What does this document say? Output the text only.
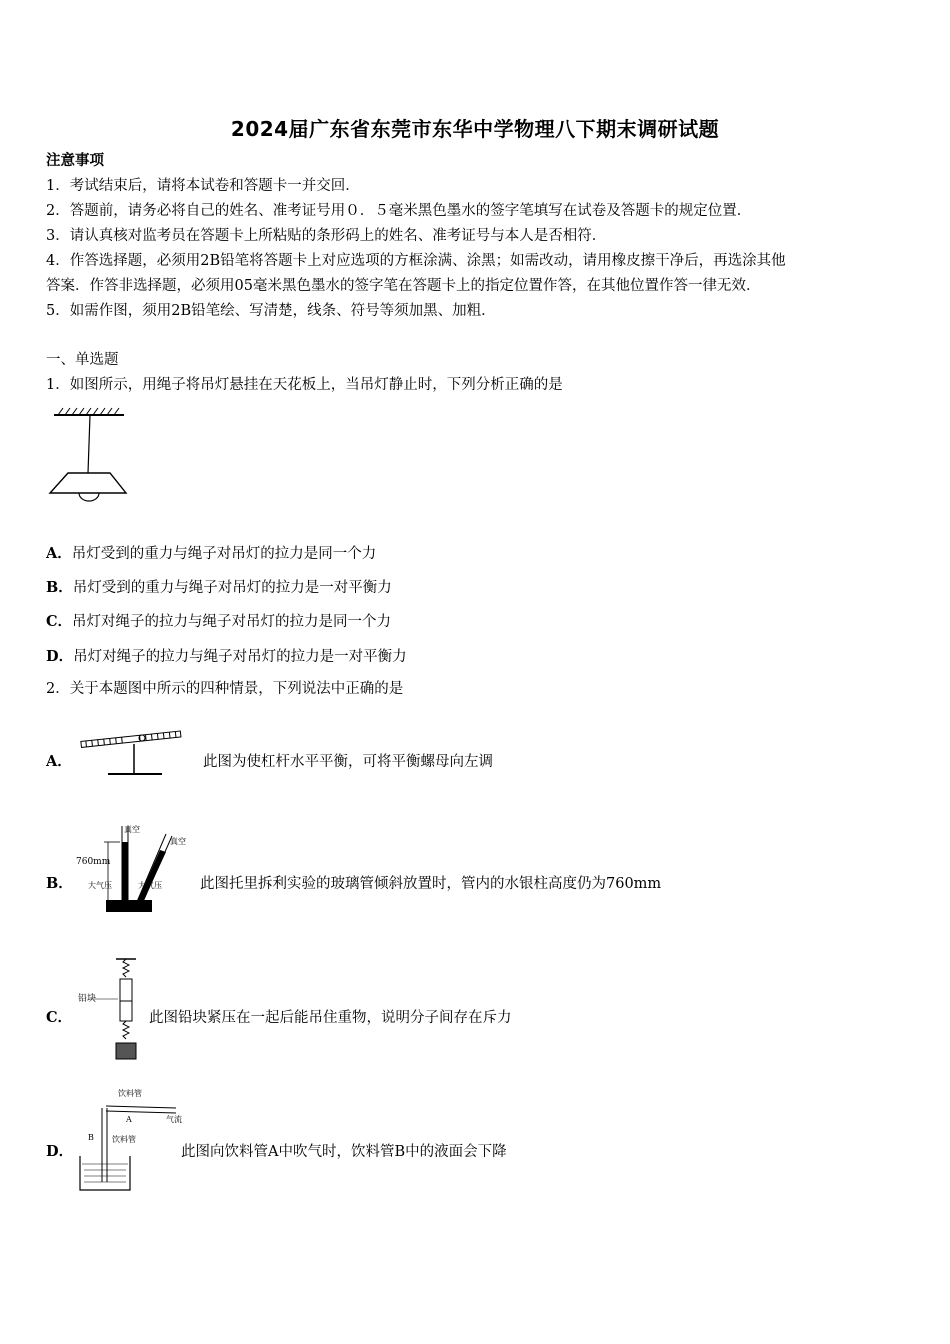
2024届广东省东莞市东华中学物理八下期末调研试题
注意事项
1．考试结束后，请将本试卷和答题卡一并交回．
2．答题前，请务必将自己的姓名、准考证号用０．５毫米黑色墨水的签字笔填写在试卷及答题卡的规定位置．
3．请认真核对监考员在答题卡上所粘贴的条形码上的姓名、准考证号与本人是否相符．
4．作答选择题，必须用2B铅笔将答题卡上对应选项的方框涂满、涂黑；如需改动，请用橡皮擦干净后，再选涂其他
答案．作答非选择题，必须用05毫米黑色墨水的签字笔在答题卡上的指定位置作答，在其他位置作答一律无效．
5．如需作图，须用2B铅笔绘、写清楚，线条、符号等须加黑、加粗．
一、单选题
1．如图所示，用绳子将吊灯悬挂在天花板上，当吊灯静止时，下列分析正确的是
A．吊灯受到的重力与绳子对吊灯的拉力是同一个力
B．吊灯受到的重力与绳子对吊灯的拉力是一对平衡力
C．吊灯对绳子的拉力与绳子对吊灯的拉力是同一个力
D．吊灯对绳子的拉力与绳子对吊灯的拉力是一对平衡力
2．关于本题图中所示的四种情景，下列说法中正确的是
A．	此图为使杠杆水平平衡，可将平衡螺母向左调
B．
真空
真空
760mm
大气压	大气压	此图托里拆利实验的玻璃管倾斜放置时，管内的水银柱高度仍为760mm
C．
铅块
此图铅块紧压在一起后能吊住重物，说明分子间存在斥力
D．
饮料管
A	气流
B 饮料管
此图向饮料管A中吹气时，饮料管B中的液面会下降
